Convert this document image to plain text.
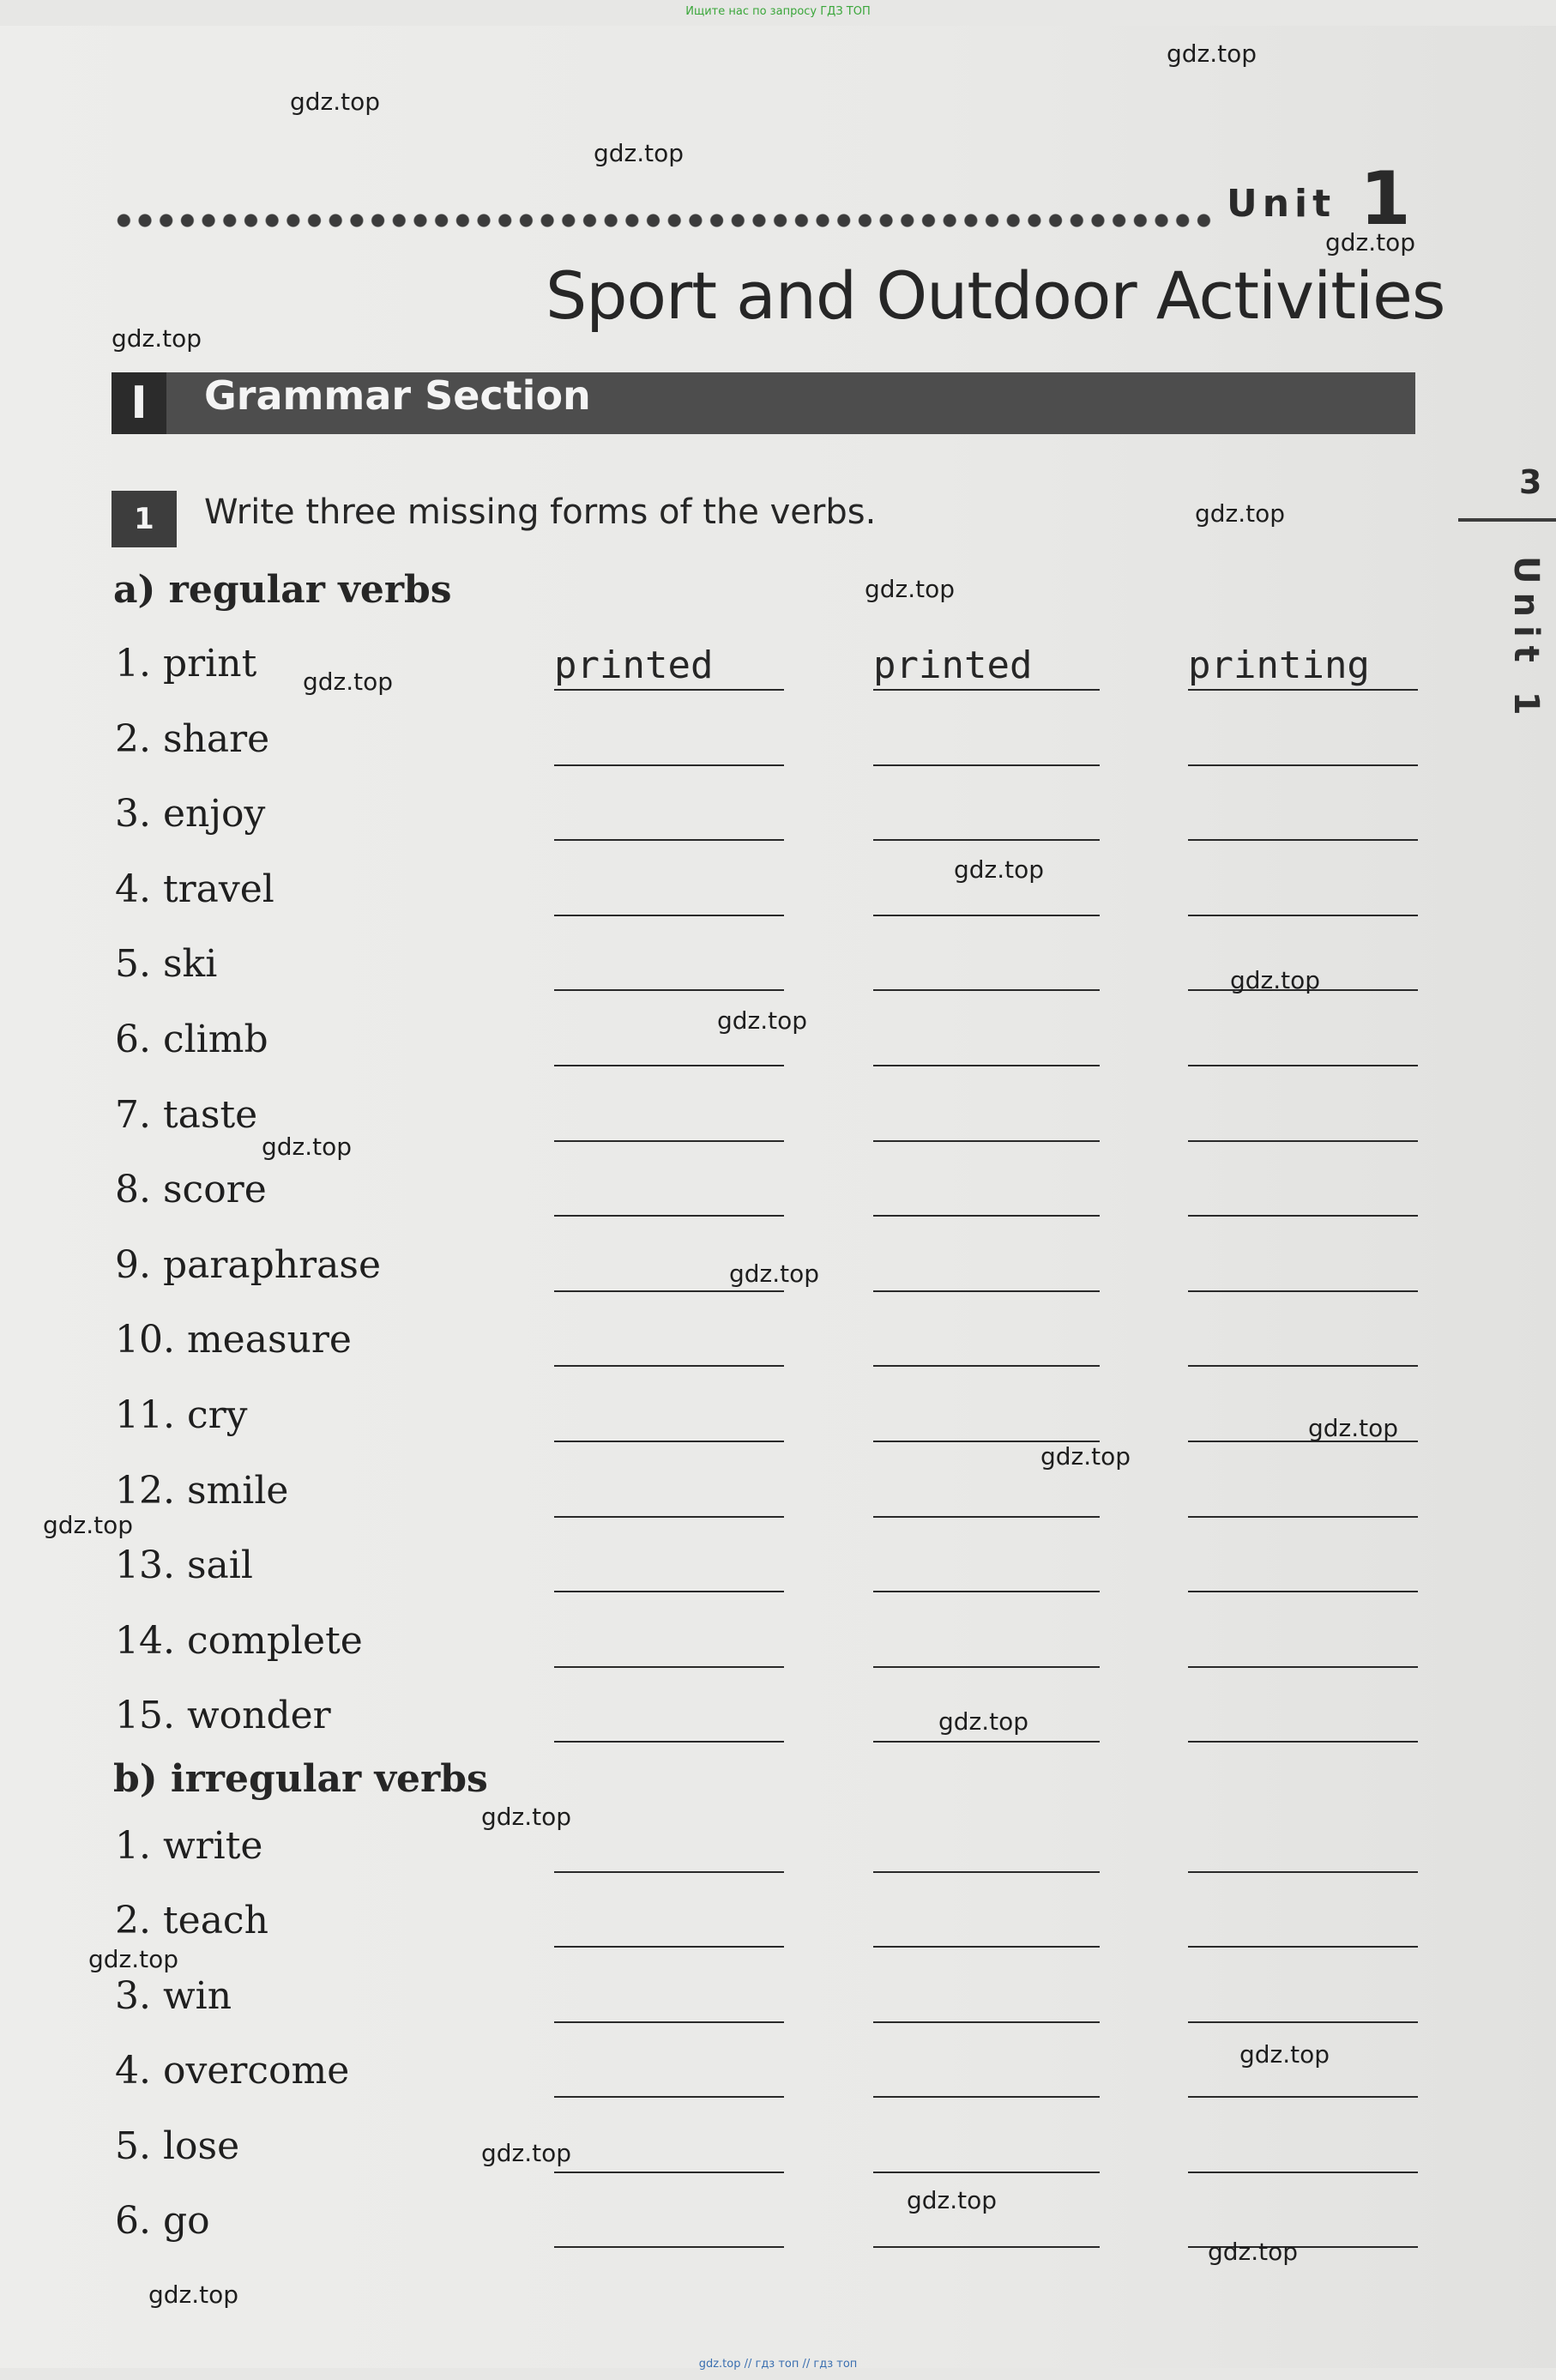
Ищите нас по запросу ГДЗ ТОП
Unit 1
Sport and Outdoor Activities
I	Grammar Section
1	Write three missing forms of the verbs.
a) regular verbs
1. print	printed	printed	printing
2. share
3. enjoy
4. travel
5. ski
6. climb
7. taste
8. score
9. paraphrase
10. measure
11. cry
12. smile
13. sail
14. complete
15. wonder
b) irregular verbs
1. write
2. teach
3. win
4. overcome
5. lose
6. go
3
Unit 1
gdz.top
gdz.top
gdz.top
gdz.top
gdz.top
gdz.top
gdz.top
gdz.top
gdz.top
gdz.top
gdz.top
gdz.top
gdz.top
gdz.top
gdz.top
gdz.top
gdz.top
gdz.top
gdz.top
gdz.top
gdz.top
gdz.top
gdz.top
gdz.top
gdz.top // гдз топ // гдз топ
